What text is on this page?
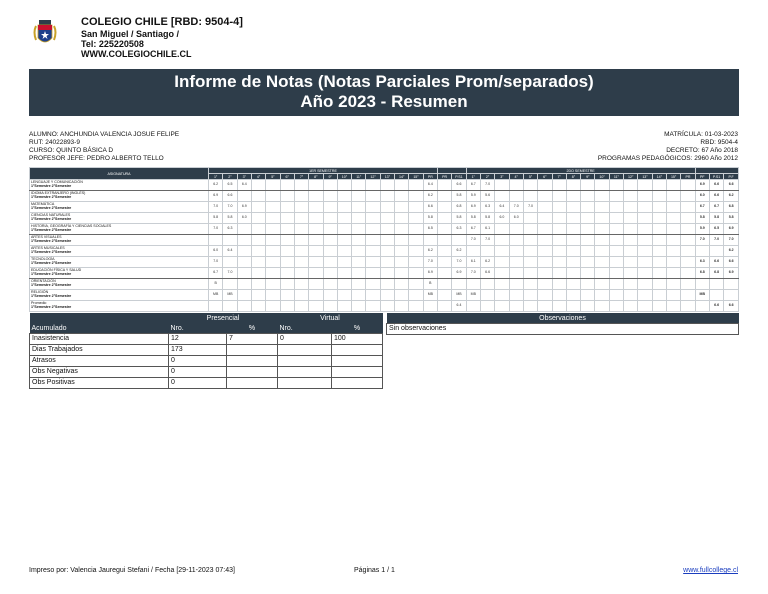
COLEGIO CHILE [RBD: 9504-4]
San Miguel / Santiago /
Tel: 225220508
WWW.COLEGIOCHILE.CL
Informe de Notas (Notas Parciales Prom/separados)
Año 2023 - Resumen
ALUMNO: ANCHUNDIA VALENCIA JOSUE FELIPE
RUT: 24022893-9
CURSO: QUINTO BÁSICA D
PROFESOR JEFE: PEDRO ALBERTO TELLO
MATRÍCULA: 01-03-2023
RBD: 9504-4
DECRETO: 67 Año 2018
PROGRAMAS PEDAGÓGICOS: 2960 Año 2012
ASIGNATURA	1ER SEMESTRE																		2DO SEMESTRE																		
	1°	2°	3°	4°	5°	6°	7°	8°	9°	10°	11°	12°	13°	14°	15°	PR	PR	P.S1	1°	2°	3°	4°	5°	6°	7°	8°	9°	10°	11°	12°	13°	14°	15°	PR	PF	P.S1	P.F

LENGUAJE Y COMUNICACIÓN
1°Semestre 2°Semestre	6.2	6.5	6.4													6.4		6.6	6.7	7.0															6.9	6.6	6.6

IDIOMA EXTRANJERO (INGLÉS)
1°Semestre 2°Semestre	6.9	6.6														6.2		5.8	5.9	5.6															6.0	6.6	6.2

MATEMÁTICA
1°Semestre 2°Semestre	7.0	7.0	6.9													6.6		6.8	6.9	6.3	6.4	7.0	7.0												6.7	6.7	6.8

CIENCIAS NATURALES
1°Semestre 2°Semestre	5.8	5.8	6.0													5.8		5.8	5.8	5.8	6.0	6.0													5.8	5.8	5.8

HISTORIA, GEOGRAFÍA Y CIENCIAS SOCIALES
1°Semestre 2°Semestre	7.0	6.3														6.5		6.3	6.7	6.1															5.9	6.5	6.9

ARTES VISUALES
1°Semestre 2°Semestre																			7.0	7.0															7.0	7.0	7.0

ARTES MUSICALES
1°Semestre 2°Semestre	6.0	6.4														6.2		6.2																			6.2

TECNOLOGÍA
1°Semestre 2°Semestre	7.0															7.0		7.0	6.1	6.2															6.3	6.6	6.6

EDUCACIÓN FÍSICA Y SALUD
1°Semestre 2°Semestre	6.7	7.0														6.9		6.9	7.0	6.6															6.8	6.8	6.9

ORIENTACIÓN
1°Semestre 2°Semestre	B															B																					

RELIGIÓN
1°Semestre 2°Semestre	MB	MB														MB		MB	MB																MB		

Promedio
1°Semestre 2°Semestre																		6.4																		6.6	6.6
	Presencial		Virtual	
Acumulado	Nro.	%	Nro.	%
Inasistencia	12	7	0	100
Dias Trabajados	173			
Atrasos	0			
Obs Negativas	0			
Obs Positivas	0			
Observaciones
Sin observaciones
Impreso por: Valencia Jauregui Stefani / Fecha [29-11-2023 07:43]	Páginas 1 / 1	www.fullcollege.cl
